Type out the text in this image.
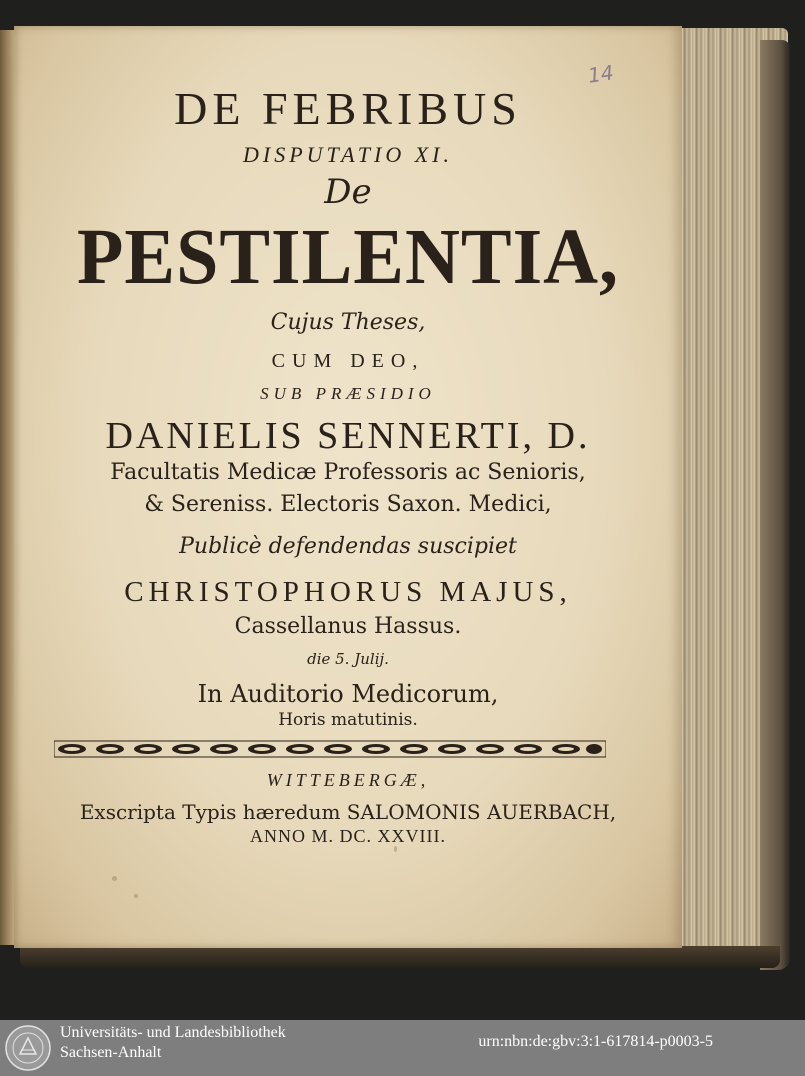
14
DE FEBRIBUS
DISPUTATIO XI.
De
PESTILENTIA,
Cujus Theses,
CUM DEO,
SUB PRÆSIDIO
DANIELIS SENNERTI, D.
Facultatis Medicæ Professoris ac Senioris,
& Sereniss. Electoris Saxon. Medici,
Publicè defendendas suscipiet
CHRISTOPHORUS MAJUS,
Cassellanus Hassus.
die 5. Julij.
In Auditorio Medicorum,
Horis matutinis.
WITTEBERGÆ,
Exscripta Typis hæredum SALOMONIS AUERBACH,
ANNO M. DC. XXVIII.
Universitäts- und Landesbibliothek
Sachsen-Anhalt
urn:nbn:de:gbv:3:1-617814-p0003-5
